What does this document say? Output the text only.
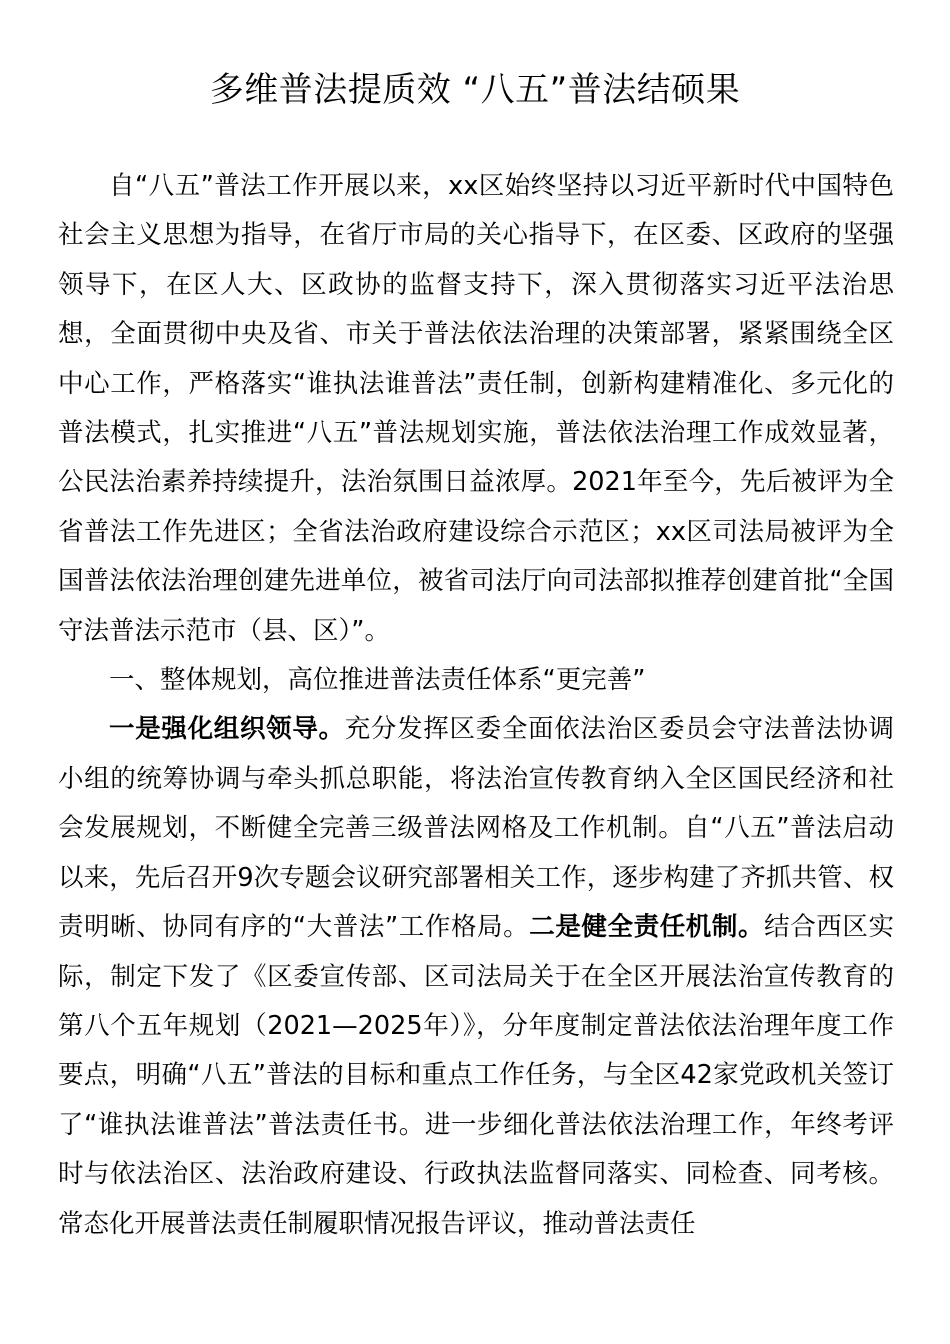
多维普法提质效 “八五”普法结硕果

自“八五”普法工作开展以来，xx区始终坚持以习近平新时代中国特色社会主义思想为指导，在省厅市局的关心指导下，在区委、区政府的坚强领导下，在区人大、区政协的监督支持下，深入贯彻落实习近平法治思想，全面贯彻中央及省、市关于普法依法治理的决策部署，紧紧围绕全区中心工作，严格落实“谁执法谁普法”责任制，创新构建精准化、多元化的普法模式，扎实推进“八五”普法规划实施，普法依法治理工作成效显著，公民法治素养持续提升，法治氛围日益浓厚。2021年至今，先后被评为全省普法工作先进区；全省法治政府建设综合示范区；xx区司法局被评为全国普法依法治理创建先进单位，被省司法厅向司法部拟推荐创建首批“全国守法普法示范市（县、区）”。

一、整体规划，高位推进普法责任体系“更完善”

一是强化组织领导。充分发挥区委全面依法治区委员会守法普法协调小组的统筹协调与牵头抓总职能，将法治宣传教育纳入全区国民经济和社会发展规划，不断健全完善三级普法网格及工作机制。自“八五”普法启动以来，先后召开9次专题会议研究部署相关工作，逐步构建了齐抓共管、权责明晰、协同有序的“大普法”工作格局。二是健全责任机制。结合西区实际，制定下发了《区委宣传部、区司法局关于在全区开展法治宣传教育的第八个五年规划（2021—2025年）》，分年度制定普法依法治理年度工作要点，明确“八五”普法的目标和重点工作任务，与全区42家党政机关签订了“谁执法谁普法”普法责任书。进一步细化普法依法治理工作，年终考评时与依法治区、法治政府建设、行政执法监督同落实、同检查、同考核。常态化开展普法责任制履职情况报告评议，推动普法责任
